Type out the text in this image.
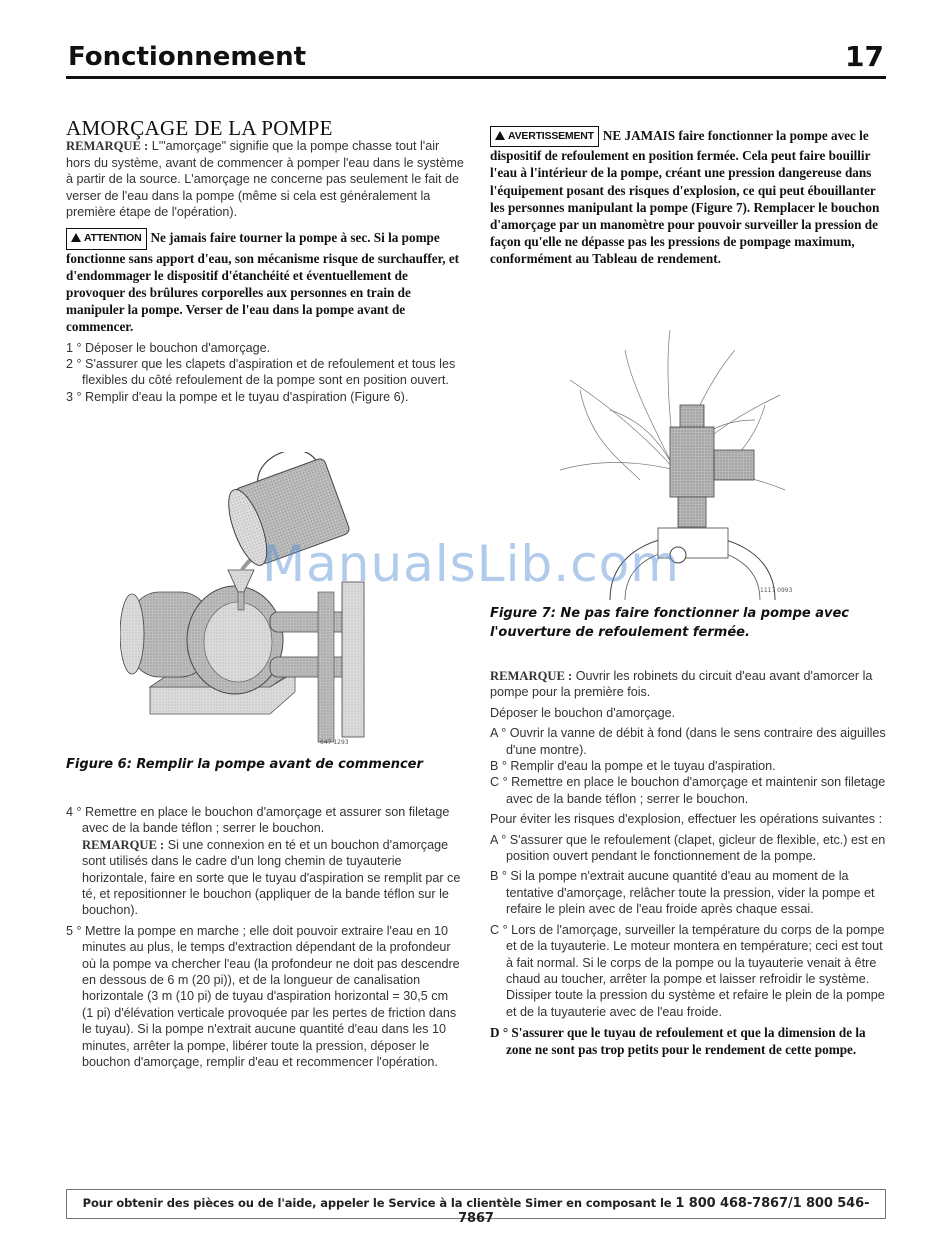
Fonctionnement	17
AMORÇAGE DE LA POMPE

REMARQUE : L'"amorçage" signifie que la pompe chasse tout l'air hors du système, avant de commencer à pomper l'eau dans le système à partir de la source. L'amorçage ne concerne pas seulement le fait de verser de l'eau dans la pompe (même si cela est généralement la première étape de l'opération).

ATTENTION Ne jamais faire tourner la pompe à sec. Si la pompe fonctionne sans apport d'eau, son mécanisme risque de surchauffer, et d'endommager le dispositif d'étanchéité et éventuellement de provoquer des brûlures corporelles aux personnes en train de manipuler la pompe. Verser de l'eau dans la pompe avant de commencer.

1 ° Déposer le bouchon d'amorçage.

2 ° S'assurer que les clapets d'aspiration et de refoulement et tous les flexibles du côté refoulement de la pompe sont en position ouvert.

3 ° Remplir d'eau la pompe et le tuyau d'aspiration (Figure 6).

647 1293
Figure 6: Remplir la pompe avant de commencer

4 ° Remettre en place le bouchon d'amorçage et assurer son filetage avec de la bande téflon ; serrer le bouchon.

REMARQUE : Si une connexion en té et un bouchon d'amorçage sont utilisés dans le cadre d'un long chemin de tuyauterie horizontale, faire en sorte que le tuyau d'aspiration se remplit par ce té, et repositionner le bouchon (appliquer de la bande téflon sur le bouchon).

5 ° Mettre la pompe en marche ; elle doit pouvoir extraire l'eau en 10 minutes au plus, le temps d'extraction dépendant de la profondeur où la pompe va chercher l'eau (la profondeur ne doit pas descendre en dessous de 6 m (20 pi)), et de la longueur de canalisation horizontale (3 m (10 pi) de tuyau d'aspiration horizontal = 30,5 cm (1 pi) d'élévation verticale provoquée par les pertes de friction dans le tuyau). Si la pompe n'extrait aucune quantité d'eau dans les 10 minutes, arrêter la pompe, libérer toute la pression, déposer le bouchon d'amorçage, remplir d'eau et recommencer l'opération.

AVERTISSEMENT NE JAMAIS faire fonctionner la pompe avec le dispositif de refoulement en position fermée. Cela peut faire bouillir l'eau à l'intérieur de la pompe, créant une pression dangereuse dans l'équipement posant des risques d'explosion, ce qui peut ébouillanter les personnes manipulant la pompe (Figure 7). Remplacer le bouchon d'amorçage par un manomètre pour pouvoir surveiller la pression de façon qu'elle ne dépasse pas les pressions de pompage maximum, conformément au Tableau de rendement.

1117 0993
Figure 7: Ne pas faire fonctionner la pompe avec l'ouverture de refoulement fermée.

REMARQUE : Ouvrir les robinets du circuit d'eau avant d'amorcer la pompe pour la première fois.

Déposer le bouchon d'amorçage.

A ° Ouvrir la vanne de débit à fond (dans le sens contraire des aiguilles d'une montre).

B ° Remplir d'eau la pompe et le tuyau d'aspiration.

C ° Remettre en place le bouchon d'amorçage et maintenir son filetage avec de la bande téflon ; serrer le bouchon.

Pour éviter les risques d'explosion, effectuer les opérations suivantes :

A ° S'assurer que le refoulement (clapet, gicleur de flexible, etc.) est en position ouvert pendant le fonctionnement de la pompe.

B ° Si la pompe n'extrait aucune quantité d'eau au moment de la tentative d'amorçage, relâcher toute la pression, vider la pompe et refaire le plein avec de l'eau froide après chaque essai.

C ° Lors de l'amorçage, surveiller la température du corps de la pompe et de la tuyauterie. Le moteur montera en température; ceci est tout à fait normal. Si le corps de la pompe ou la tuyauterie venait à être chaud au toucher, arrêter la pompe et laisser refroidir le système. Dissiper toute la pression du système et refaire le plein de la pompe et de la tuyauterie avec de l'eau froide.

D ° S'assurer que le tuyau de refoulement et que la dimension de la zone ne sont pas trop petits pour le rendement de cette pompe.

ManualsLib.com
Pour obtenir des pièces ou de l'aide, appeler le Service à la clientèle Simer en composant le 1 800 468-7867/1 800 546-7867
